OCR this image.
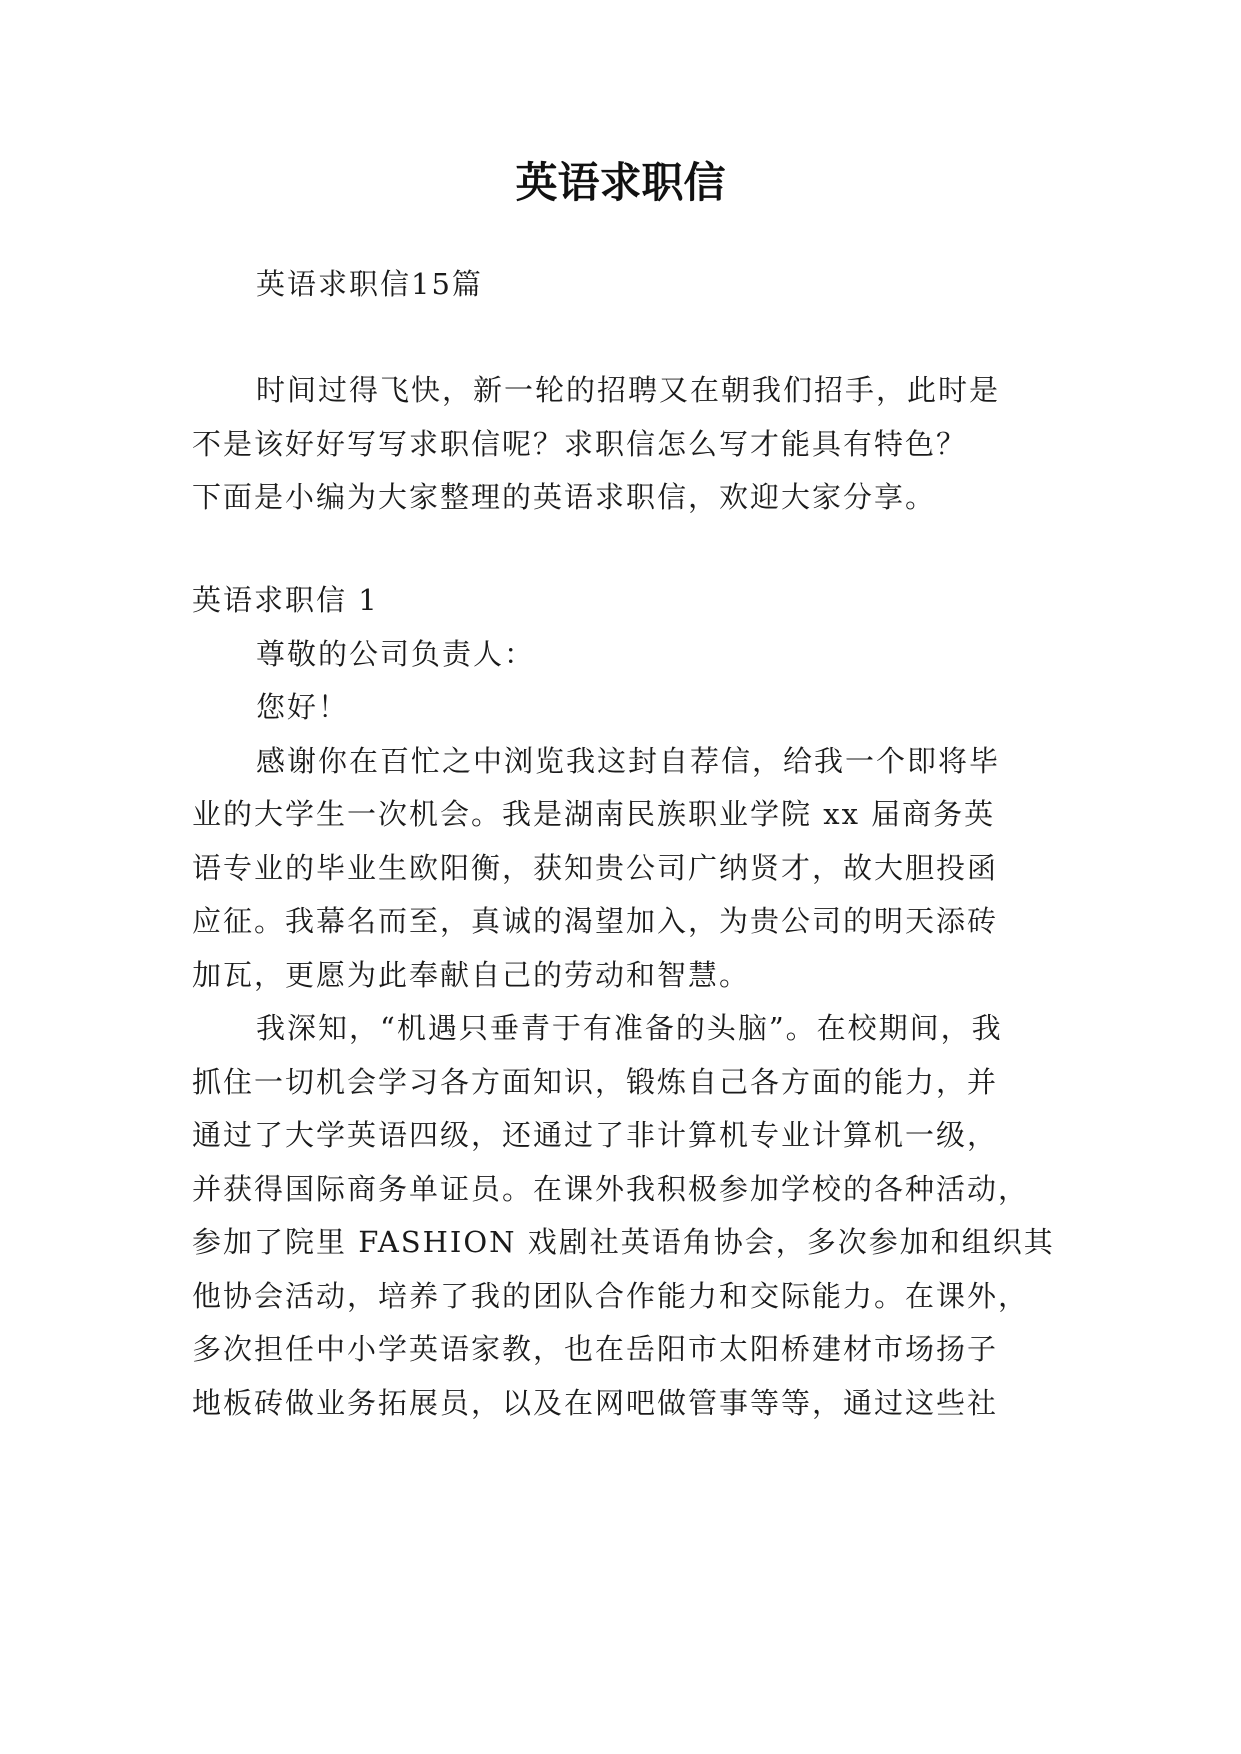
英语求职信

英语求职信15篇

时间过得飞快，新一轮的招聘又在朝我们招手，此时是

不是该好好写写求职信呢？求职信怎么写才能具有特色？

下面是小编为大家整理的英语求职信，欢迎大家分享。

英语求职信 1

尊敬的公司负责人：

您好！

感谢你在百忙之中浏览我这封自荐信，给我一个即将毕

业的大学生一次机会。我是湖南民族职业学院 xx 届商务英

语专业的毕业生欧阳衡，获知贵公司广纳贤才，故大胆投函

应征。我幕名而至，真诚的渴望加入，为贵公司的明天添砖

加瓦，更愿为此奉献自己的劳动和智慧。

我深知，“机遇只垂青于有准备的头脑”。在校期间，我

抓住一切机会学习各方面知识，锻炼自己各方面的能力，并

通过了大学英语四级，还通过了非计算机专业计算机一级，

并获得国际商务单证员。在课外我积极参加学校的各种活动，

参加了院里 FASHION 戏剧社英语角协会，多次参加和组织其

他协会活动，培养了我的团队合作能力和交际能力。在课外，

多次担任中小学英语家教，也在岳阳市太阳桥建材市场扬子

地板砖做业务拓展员，以及在网吧做管事等等，通过这些社
